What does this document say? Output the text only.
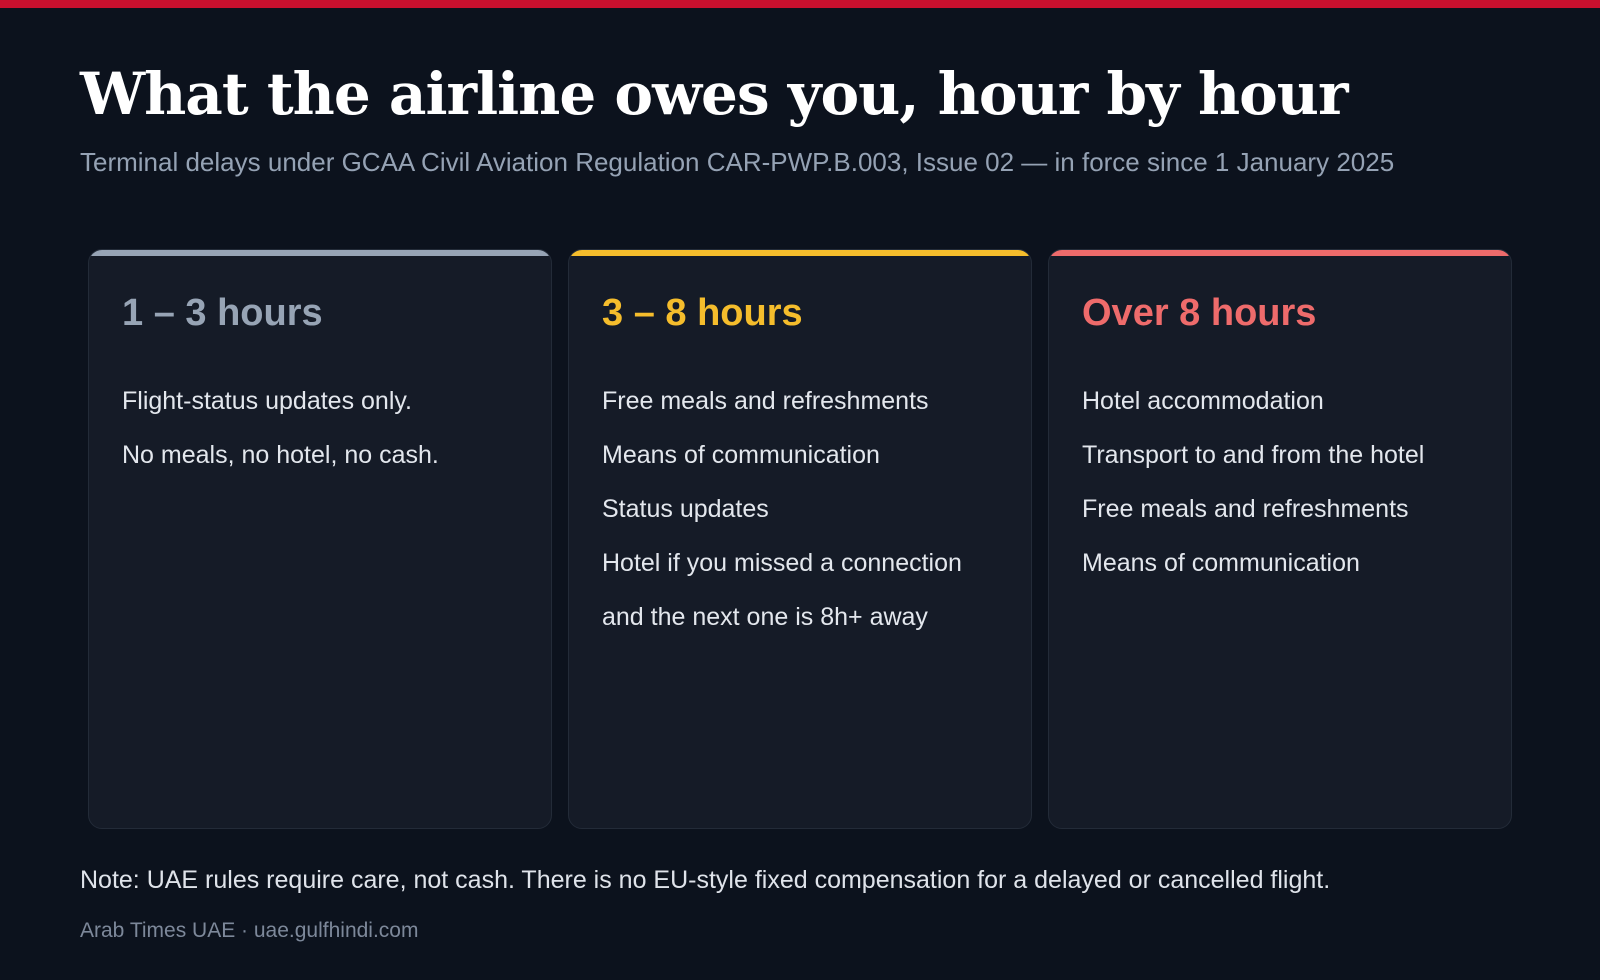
What the airline owes you, hour by hour
Terminal delays under GCAA Civil Aviation Regulation CAR-PWP.B.003, Issue 02 — in force since 1 January 2025
1 – 3 hours
Flight-status updates only.
No meals, no hotel, no cash.
3 – 8 hours
Free meals and refreshments
Means of communication
Status updates
Hotel if you missed a connection
and the next one is 8h+ away
Over 8 hours
Hotel accommodation
Transport to and from the hotel
Free meals and refreshments
Means of communication
Note: UAE rules require care, not cash. There is no EU-style fixed compensation for a delayed or cancelled flight.
Arab Times UAE · uae.gulfhindi.com
